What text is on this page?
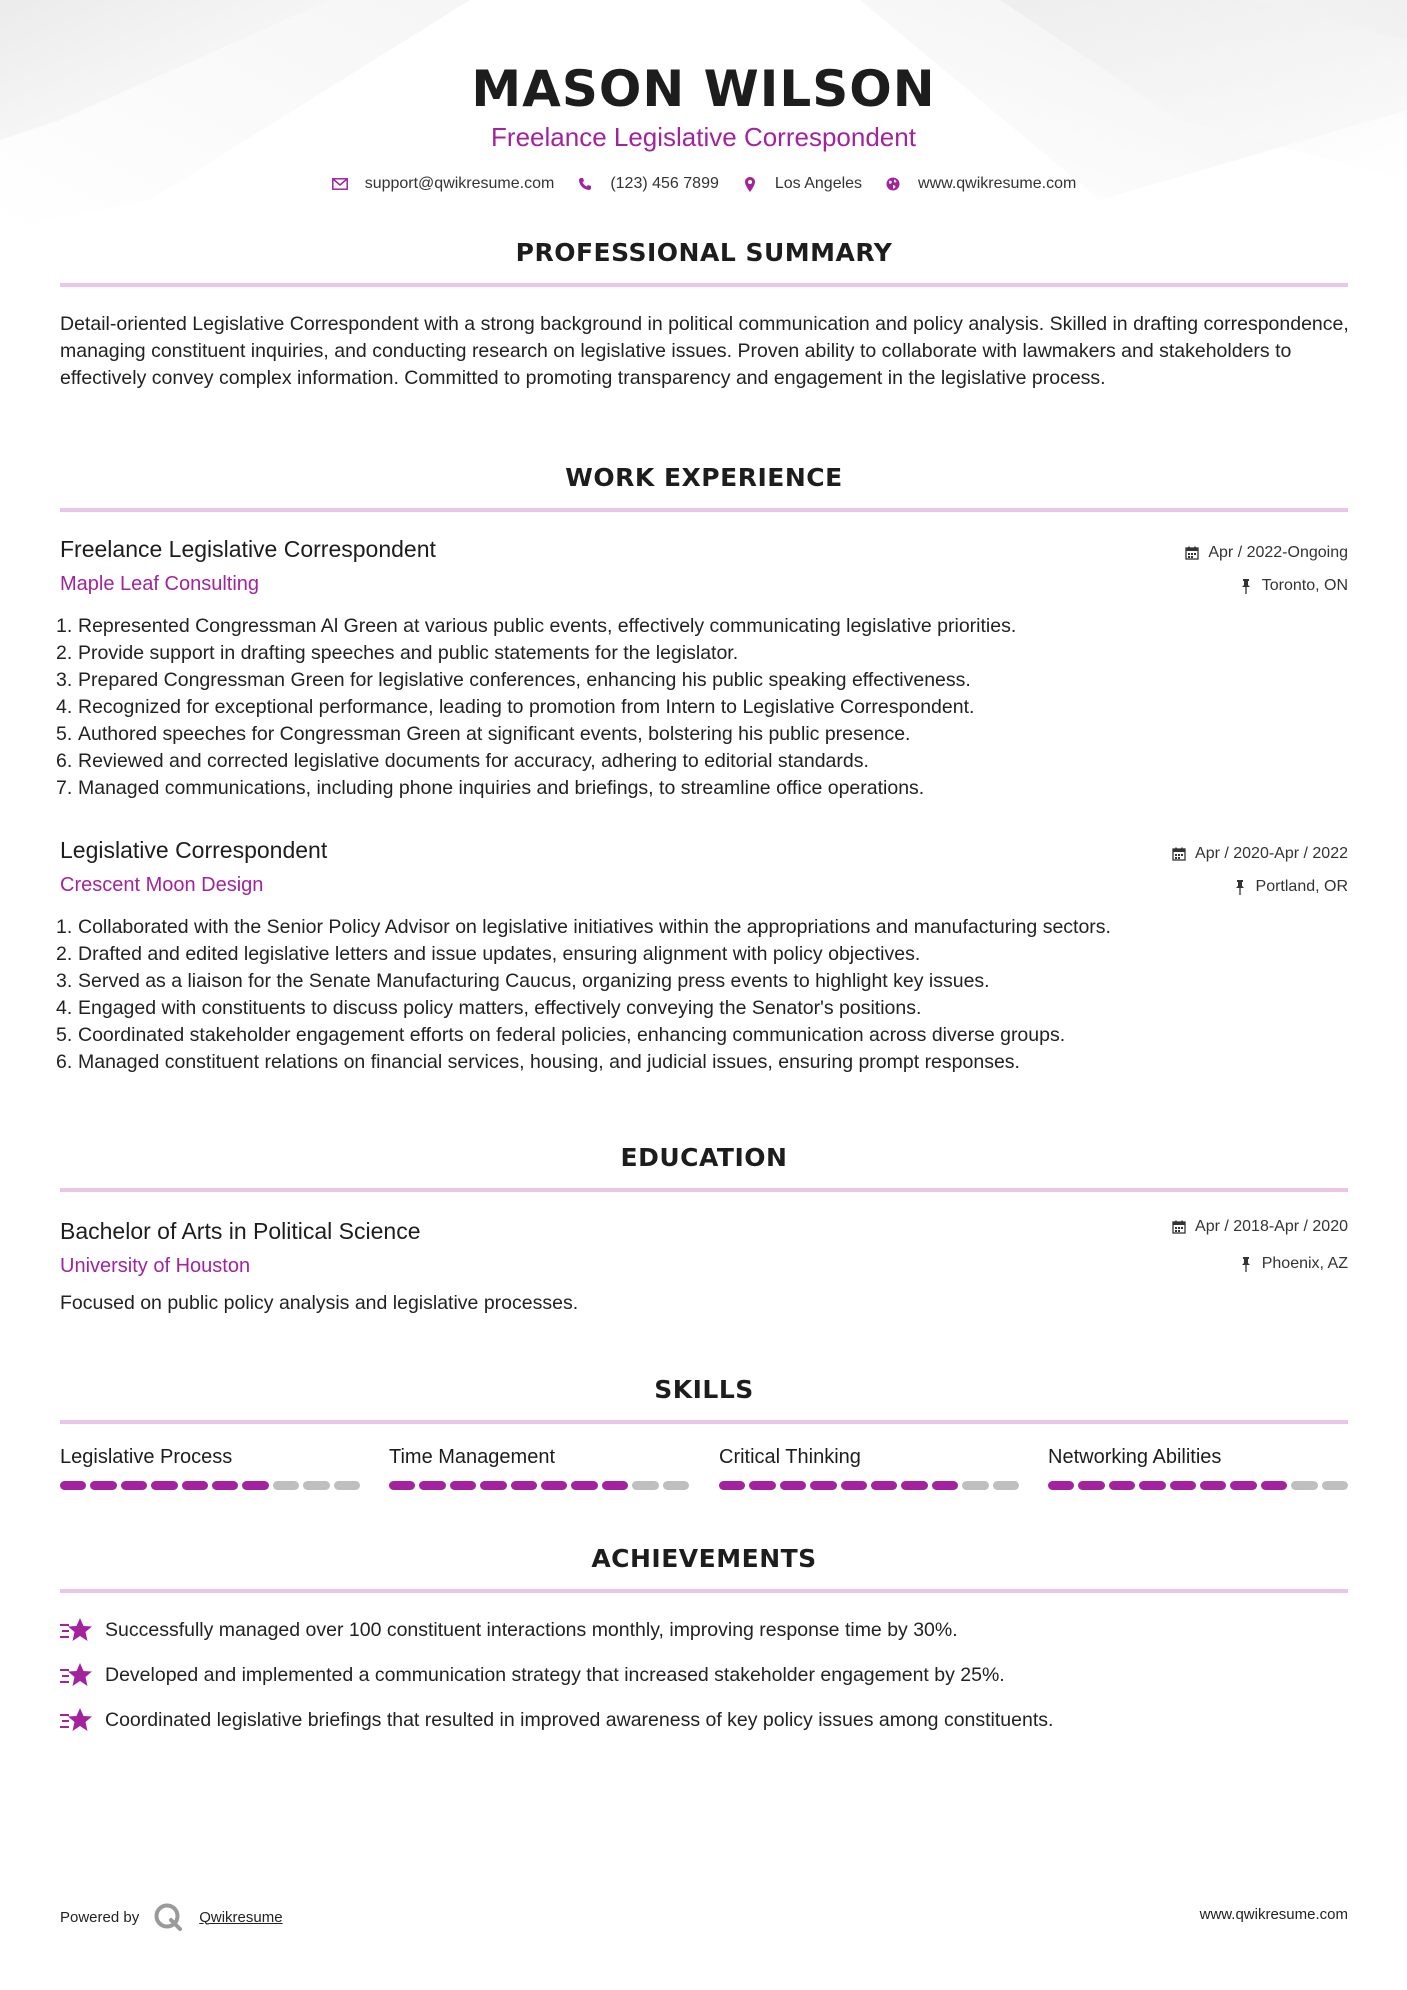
MASON WILSON
Freelance Legislative Correspondent
support@qwikresume.com	(123) 456 7899	Los Angeles	www.qwikresume.com
PROFESSIONAL SUMMARY

Detail-oriented Legislative Correspondent with a strong background in political communication and policy analysis. Skilled in drafting correspondence, managing constituent inquiries, and conducting research on legislative issues. Proven ability to collaborate with lawmakers and stakeholders to effectively convey complex information. Committed to promoting transparency and engagement in the legislative process.

WORK EXPERIENCE
Freelance Legislative Correspondent
Maple Leaf Consulting
Apr / 2022-Ongoing
Toronto, ON
1. Represented Congressman Al Green at various public events, effectively communicating legislative priorities.
2. Provide support in drafting speeches and public statements for the legislator.
3. Prepared Congressman Green for legislative conferences, enhancing his public speaking effectiveness.
4. Recognized for exceptional performance, leading to promotion from Intern to Legislative Correspondent.
5. Authored speeches for Congressman Green at significant events, bolstering his public presence.
6. Reviewed and corrected legislative documents for accuracy, adhering to editorial standards.
7. Managed communications, including phone inquiries and briefings, to streamline office operations.
Legislative Correspondent
Crescent Moon Design
Apr / 2020-Apr / 2022
Portland, OR
1. Collaborated with the Senior Policy Advisor on legislative initiatives within the appropriations and manufacturing sectors.
2. Drafted and edited legislative letters and issue updates, ensuring alignment with policy objectives.
3. Served as a liaison for the Senate Manufacturing Caucus, organizing press events to highlight key issues.
4. Engaged with constituents to discuss policy matters, effectively conveying the Senator's positions.
5. Coordinated stakeholder engagement efforts on federal policies, enhancing communication across diverse groups.
6. Managed constituent relations on financial services, housing, and judicial issues, ensuring prompt responses.
EDUCATION
Bachelor of Arts in Political Science
University of Houston
Apr / 2018-Apr / 2020
Phoenix, AZ

Focused on public policy analysis and legislative processes.

SKILLS
Legislative Process	Time Management	Critical Thinking	Networking Abilities
ACHIEVEMENTS
Successfully managed over 100 constituent interactions monthly, improving response time by 30%.
Developed and implemented a communication strategy that increased stakeholder engagement by 25%.
Coordinated legislative briefings that resulted in improved awareness of key policy issues among constituents.
Powered by	Qwikresume	www.qwikresume.com
